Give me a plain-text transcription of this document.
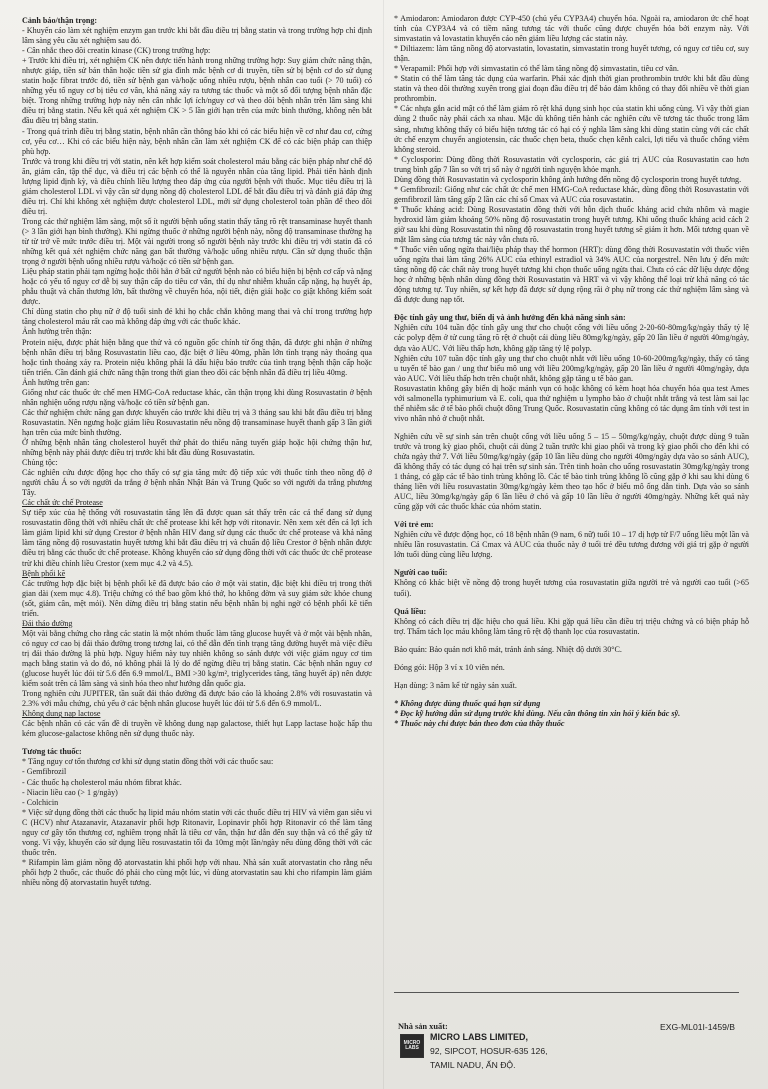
Cảnh báo/thận trọng:

- Khuyến cáo làm xét nghiệm enzym gan trước khi bắt đầu điều trị bằng statin và trong trường hợp chỉ định lâm sàng yêu cầu xét nghiệm sau đó.

- Cân nhắc theo dõi creatin kinase (CK) trong trường hợp:

+ Trước khi điều trị, xét nghiệm CK nên được tiến hành trong những trường hợp: Suy giảm chức năng thận, nhược giáp, tiền sử bản thân hoặc tiền sử gia đình mắc bệnh cơ di truyền, tiền sử bị bệnh cơ do sử dụng statin hoặc fibrat trước đó, tiền sử bệnh gan và/hoặc uống nhiều rượu, bệnh nhân cao tuổi (> 70 tuổi) có những yếu tố nguy cơ bị tiêu cơ vân, khả năng xảy ra tương tác thuốc và một số đối tượng bệnh nhân đặc biệt. Trong những trường hợp này nên cân nhắc lợi ích/nguy cơ và theo dõi bệnh nhân trên lâm sàng khi điều trị bằng statin. Nếu kết quả xét nghiệm CK > 5 lần giới hạn trên của mức bình thường, không nên bắt đầu điều trị bằng statin.

- Trong quá trình điều trị bằng statin, bệnh nhân cần thông báo khi có các biểu hiện về cơ như đau cơ, cứng cơ, yếu cơ… Khi có các biểu hiện này, bệnh nhân cần làm xét nghiệm CK để có các biện pháp can thiệp phù hợp.

Trước và trong khi điều trị với statin, nên kết hợp kiểm soát cholesterol máu bằng các biện pháp như chế độ ăn, giảm cân, tập thể dục, và điều trị các bệnh có thể là nguyên nhân của tăng lipid. Phải tiến hành định lượng lipid định kỳ, và điều chỉnh liều lượng theo đáp ứng của người bệnh với thuốc. Mục tiêu điều trị là giảm cholesterol LDL vì vậy cần sử dụng nồng độ cholesterol LDL để bắt đầu điều trị và đánh giá đáp ứng điều trị. Chỉ khi không xét nghiệm được cholesterol LDL, mới sử dụng cholesterol toàn phần để theo dõi điều trị.

Trong các thử nghiệm lâm sàng, một số ít người bệnh uống statin thấy tăng rõ rệt transaminase huyết thanh (> 3 lần giới hạn bình thường). Khi ngừng thuốc ở những người bệnh này, nồng độ transaminase thường hạ từ từ trở về mức trước điều trị. Một vài người trong số người bệnh này trước khi điều trị với statin đã có những kết quả xét nghiệm chức năng gan bất thường và/hoặc uống nhiều rượu. Cần sử dụng thuốc thận trọng ở người bệnh uống nhiều rượu và/hoặc có tiền sử bệnh gan.

Liệu pháp statin phải tạm ngừng hoặc thôi hẳn ở bất cứ người bệnh nào có biểu hiện bị bệnh cơ cấp và nặng hoặc có yếu tố nguy cơ dễ bị suy thận cấp do tiêu cơ vân, thí dụ như nhiễm khuẩn cấp nặng, hạ huyết áp, phẫu thuật và chấn thương lớn, bất thường về chuyển hóa, nội tiết, điện giải hoặc co giật không kiểm soát được.

Chỉ dùng statin cho phụ nữ ở độ tuổi sinh đẻ khi họ chắc chắn không mang thai và chỉ trong trường hợp tăng cholesterol máu rất cao mà không đáp ứng với các thuốc khác.

Ảnh hưởng trên thận:

Protein niệu, được phát hiện bằng que thử và có nguồn gốc chính từ ống thận, đã được ghi nhận ở những bệnh nhân điều trị bằng Rosuvastatin liều cao, đặc biệt ở liều 40mg, phần lớn tình trạng này thoáng qua hoặc tình thoảng xảy ra. Protein niệu không phải là dấu hiệu báo trước của tình trạng bệnh thận cấp hoặc tiến triển. Cần đánh giá chức năng thận trong thời gian theo dõi các bệnh nhân đã điều trị liều 40mg.

Ảnh hưởng trên gan:

Giống như các thuốc ức chế men HMG-CoA reductase khác, cần thận trọng khi dùng Rosuvastatin ở bệnh nhân nghiện uống rượu nặng và/hoặc có tiền sử bệnh gan.

Các thử nghiệm chức năng gan được khuyến cáo trước khi điều trị và 3 tháng sau khi bắt đầu điều trị bằng Rosuvastatin. Nên ngưng hoặc giảm liều Rosuvastatin nếu nồng độ transaminase huyết thanh gấp 3 lần giới hạn trên của mức bình thường.

Ở những bệnh nhân tăng cholesterol huyết thứ phát do thiểu năng tuyến giáp hoặc hội chứng thận hư, những bệnh này phải được điều trị trước khi bắt đầu dùng Rosuvastatin.

Chủng tộc:

Các nghiên cứu được động học cho thấy có sự gia tăng mức độ tiếp xúc với thuốc tính theo nồng độ ở người châu Á so với người da trắng ở bệnh nhân Nhật Bản và Trung Quốc so với người da trắng phương Tây.

Các chất ức chế Protease

Sự tiếp xúc của hệ thống với rosuvastatin tăng lên đã được quan sát thấy trên các cá thể đang sử dụng rosuvastatin đồng thời với nhiều chất ức chế protease khi kết hợp với ritonavir. Nên xem xét đến cả lợi ích làm giảm lipid khi sử dụng Crestor ở bệnh nhân HIV đang sử dụng các thuốc ức chế protease và khả năng làm tăng nồng độ rosuvastatin huyết tương khi bắt đầu điều trị và chuẩn độ liều Crestor ở bệnh nhân được điều trị bằng các thuốc ức chế protease. Không khuyến cáo sử dụng đồng thời với các thuốc ức chế protease trừ khi điều chỉnh liều Crestor (xem mục 4.2 và 4.5).

Bệnh phổi kẽ

Các trường hợp đặc biệt bị bệnh phổi kẽ đã được báo cáo ở một vài statin, đặc biệt khi điều trị trong thời gian dài (xem mục 4.8). Triệu chứng có thể bao gồm khó thở, ho không đờm và suy giảm sức khỏe chung (sốt, giảm cân, mệt mỏi). Nên dừng điều trị bằng statin nếu bệnh nhân bị nghi ngờ có bệnh phổi kẽ tiến triển.

Đái tháo đường

Một vài bằng chứng cho rằng các statin là một nhóm thuốc làm tăng glucose huyết và ở một vài bệnh nhân, có nguy cơ cao bị đái tháo đường trong tương lai, có thể dẫn đến tình trạng tăng đường huyết mà việc điều trị đái tháo đường là phù hợp. Nguy hiểm này tuy nhiên không so sánh được với việc giảm nguy cơ tim mạch bằng statin và do đó, nó không phải là lý do để ngừng điều trị bằng statin. Các bệnh nhân nguy cơ (glucose huyết lúc đói từ 5.6 đến 6.9 mmol/L, BMI >30 kg/m², triglycerides tăng, tăng huyết áp) nên được kiểm soát trên cả lâm sàng và sinh hóa theo như hướng dẫn quốc gia.

Trong nghiên cứu JUPITER, tần suất đái tháo đường đã được báo cáo là khoảng 2.8% với rosuvastatin và 2.3% với mẫu chứng, chủ yếu ở các bệnh nhân glucose huyết lúc đói từ 5.6 đến 6.9 mmol/L.

Không dung nạp lactose

Các bệnh nhân có các vấn đề di truyền về không dung nạp galactose, thiết hụt Lapp lactase hoặc hấp thu kém glucose-galactose không nên sử dụng thuốc này.

Tương tác thuốc:

* Tăng nguy cơ tổn thương cơ khi sử dụng statin đồng thời với các thuốc sau:

- Gemfibrozil

- Các thuốc hạ cholesterol máu nhóm fibrat khác.

- Niacin liều cao (> 1 g/ngày)

- Colchicin

* Việc sử dụng đồng thời các thuốc hạ lipid máu nhóm statin với các thuốc điều trị HIV và viêm gan siêu vi C (HCV) như Atazanavir, Atazanavir phối hợp Ritonavir, Lopinavir phối hợp Ritonavir có thể làm tăng nguy cơ gây tổn thương cơ, nghiêm trọng nhất là tiêu cơ vân, thận hư dẫn đến suy thận và có thể gây tử vong. Vì vậy, khuyến cáo sử dụng liều rosuvastatin tối đa 10mg một lần/ngày nếu dùng đồng thời với các thuốc trên.

* Rifampin làm giảm nồng độ atorvastatin khi phối hợp với nhau. Nhà sản xuất atorvastatin cho rằng nếu phối hợp 2 thuốc, các thuốc đó phải cho cùng một lúc, vì dùng atorvastatin sau khi cho rifampin làm giảm nhiều nồng độ atorvastatin huyết tương.

* Amiodaron: Amiodaron được CYP-450 (chủ yếu CYP3A4) chuyển hóa. Ngoài ra, amiodaron ức chế hoạt tính của CYP3A4 và có tiềm năng tương tác với thuốc cũng được chuyển hóa bởi enzym này. Với simvastatin và lovastatin khuyến cáo nên giảm liều lượng các statin này.

* Diltiazem: làm tăng nồng độ atorvastatin, lovastatin, simvastatin trong huyết tương, có nguy cơ tiêu cơ, suy thận.

* Verapamil: Phối hợp với simvastatin có thể làm tăng nồng độ simvastatin, tiêu cơ vân.

* Statin có thể làm tăng tác dụng của warfarin. Phải xác định thời gian prothrombin trước khi bắt đầu dùng statin và theo dõi thường xuyên trong giai đoạn đầu điều trị để bảo đảm không có thay đổi nhiều về thời gian prothrombin.

* Các nhựa gắn acid mật có thể làm giảm rõ rệt khả dụng sinh học của statin khi uống cùng. Vì vậy thời gian dùng 2 thuốc này phải cách xa nhau. Mặc dù không tiến hành các nghiên cứu về tương tác thuốc trong lâm sàng, nhưng không thấy có biểu hiện tương tác có hại có ý nghĩa lâm sàng khi dùng statin cùng với các chất ức chế enzym chuyển angiotensin, các thuốc chẹn beta, thuốc chẹn kênh calci, lợi tiểu và thuốc chống viêm không steroid.

* Cyclosporin: Dùng đồng thời Rosuvastatin với cyclosporin, các giá trị AUC của Rosuvastatin cao hơn trung bình gấp 7 lần so với trị số này ở người tình nguyện khỏe mạnh.

Dùng đồng thời Rosuvastatin và cyclosporin không ảnh hưởng đến nồng độ cyclosporin trong huyết tương.

* Gemfibrozil: Giống như các chất ức chế men HMG-CoA reductase khác, dùng đồng thời Rosuvastatin với gemfibrozil làm tăng gấp 2 lần các chỉ số Cmax và AUC của rosuvastatin.

* Thuốc kháng acid: Dùng Rosuvastatin đồng thời với hỗn dịch thuốc kháng acid chứa nhôm và magie hydroxid làm giảm khoảng 50% nồng độ rosuvastatin trong huyết tương. Khi uống thuốc kháng acid cách 2 giờ sau khi dùng Rosuvastatin thì nồng độ rosuvastatin trong huyết tương sẽ giảm ít hơn. Mối tương quan về mặt lâm sàng của tương tác này vẫn chưa rõ.

* Thuốc viên uống ngừa thai/liệu pháp thay thế hormon (HRT): dùng đồng thời Rosuvastatin với thuốc viên uống ngừa thai làm tăng 26% AUC của ethinyl estradiol và 34% AUC của norgestrel. Nên lưu ý đến mức tăng nồng độ các chất này trong huyết tương khi chọn thuốc uống ngừa thai. Chưa có các dữ liệu dược động học ở những bệnh nhân dùng đồng thời Rosuvastatin và HRT và vì vậy không thể loại trừ khả năng có tác động tương tự. Tuy nhiên, sự kết hợp đã được sử dụng rộng rãi ở phụ nữ trong các thử nghiệm lâm sàng và đã được dung nạp tốt.

Độc tính gây ung thư, biến dị và ảnh hưởng đến khả năng sinh sản:

Nghiên cứu 104 tuần độc tính gây ung thư cho chuột cống với liều uống 2-20-60-80mg/kg/ngày thấy tỷ lệ các polyp đệm ở tử cung tăng rõ rệt ở chuột cái dùng liều 80mg/kg/ngày, gấp 20 lần liều ở người 40mg/ngày, dựa vào AUC. Với liều thấp hơn, không gặp tăng tỷ lệ polyp.

Nghiên cứu 107 tuần độc tính gây ung thư cho chuột nhắt với liều uống 10-60-200mg/kg/ngày, thấy có tăng u tuyến tế bào gan / ung thư biểu mô ung với liều 200mg/kg/ngày, gấp 20 lần liều ở người 40mg/ngày, dựa vào AUC. Với liều thấp hơn trên chuột nhắt, không gặp tăng u tế bào gan.

Rosuvastatin không gây biến dị hoặc mảnh vụn có hoặc không có kèm hoạt hóa chuyển hóa qua test Ames với salmonella typhimurium và E. coli, qua thử nghiệm u lympho bào ở chuột nhắt trắng và test làm sai lạc thể nhiễm sắc ở tế bào phổi chuột đồng Trung Quốc. Rosuvastatin cũng không có tác dụng âm tính với test in vivo nhân nhỏ ở chuột nhắt.

Nghiên cứu về sự sinh sản trên chuột cống với liều uống 5 – 15 – 50mg/kg/ngày, chuột được dùng 9 tuần trước và trong kỳ giao phối, chuột cái dùng 2 tuần trước khi giao phối và trong kỳ giao phối cho đến khi có chửa ngày thứ 7. Với liều 50mg/kg/ngày (gấp 10 lần liều dùng cho người 40mg/ngày dựa vào so sánh AUC), đã không thấy có tác dụng có hại trên sự sinh sản. Trên tinh hoàn cho uống rosuvastatin 30mg/kg/ngày trong 1 tháng, có gặp các tế bào tinh trùng không lồ. Các tế bào tinh trùng không lồ cũng gặp ở khi sau khi dùng 6 tháng liền với liều rosuvastatin 30mg/kg/ngày kèm theo tạo hốc ở biểu mô ống dẫn tinh. Dựa vào so sánh AUC, liều 30mg/kg/ngày gấp 6 lần liều ở chó và gấp 10 lần liều ở người 40mg/ngày. Những kết quả này cũng gặp với các thuốc khác của nhóm statin.

Với trẻ em:

Nghiên cứu về được động học, có 18 bệnh nhân (9 nam, 6 nữ) tuổi 10 – 17 dị hợp tử F/7 uống liều một lần và nhiều lần rosuvastatin. Cả Cmax và AUC của thuốc này ở tuổi trẻ đều tương đương với giá trị gặp ở người lớn tuổi dùng cùng liều lượng.

Người cao tuổi:

Không có khác biệt về nồng độ trong huyết tương của rosuvastatin giữa người trẻ và người cao tuổi (>65 tuổi).

Quá liều:

Không có cách điều trị đặc hiệu cho quá liều. Khi gặp quá liều cần điều trị triệu chứng và có biện pháp hỗ trợ. Thẩm tách lọc máu không làm tăng rõ rệt độ thanh lọc của rosuvastatin.

Bảo quản: Bảo quản nơi khô mát, tránh ánh sáng. Nhiệt độ dưới 30°C.

Đóng gói: Hộp 3 vỉ x 10 viên nén.

Hạn dùng: 3 năm kể từ ngày sản xuất.

* Không được dùng thuốc quá hạn sử dụng

* Đọc kỹ hướng dẫn sử dụng trước khi dùng. Nếu cần thông tin xin hỏi ý kiến bác sỹ.

* Thuốc này chỉ được bán theo đơn của thầy thuốc

Nhà sản xuất:
MICRO LABS
MICRO LABS LIMITED,
92, SIPCOT, HOSUR-635 126,
TAMIL NADU, ẤN ĐỘ.
EXG-ML01I-1459/B
